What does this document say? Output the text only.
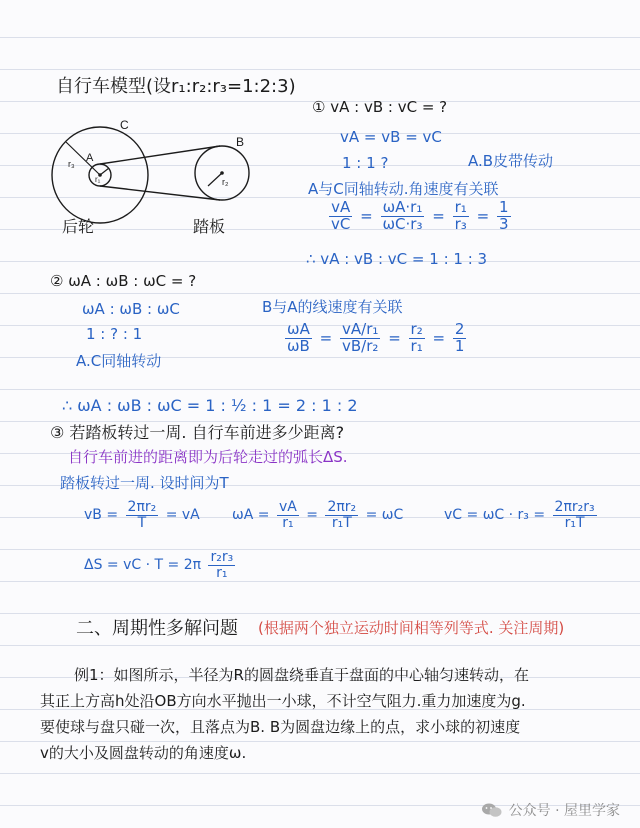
自行车模型(设r₁:r₂:r₃=1:2:3)
C
A
B
r₃
r₁	r₂
后轮	踏板
① vA : vB : vC = ?
vA = vB = vC
1 : 1 ?	A.B皮带传动
A与C同轴转动.角速度有关联
$\frac{vA}{vC} = \frac{\text{ωA·r₁}}{\text{ωC·r₃}} = \frac{\text{r₁}}{\text{r₃}} = \frac{1}{3}$
∴ vA : vB : vC = 1 : 1 : 3
② ωA : ωB : ωC = ?
ωA : ωB : ωC
1 : ? : 1
A.C同轴转动
B与A的线速度有关联
$\frac{\omega A}{\omega B} = \frac{\text{vA/r₁}}{\text{vB/r₂}} = \frac{\text{r₂}}{\text{r₁}} = \frac{2}{1}$
∴ ωA : ωB : ωC = 1 : ½ : 1 = 2 : 1 : 2
③ 若踏板转过一周. 自行车前进多少距离?
自行车前进的距离即为后轮走过的弧长ΔS.
踏板转过一周. 设时间为T
vB = $\frac{\text{2πr₂}}{T}$ = vA $\omega A = \frac{vA}{\text{r₁}} = \frac{\text{2πr₂}}{\text{r₁T}} = \omega C$	vC = $\omega C \cdot r_3 = \frac{\text{2πr₂r₃}}{\text{r₁T}}$
ΔS = vC · $T = 2\pi \frac{\text{r₂r₃}}{\text{r₁}}$
二、周期性多解问题 (根据两个独立运动时间相等列等式. 关注周期)
例1：如图所示，半径为R的圆盘绕垂直于盘面的中心轴匀速转动，在
其正上方高h处沿OB方向水平抛出一小球，不计空气阻力.重力加速度为g.
要使球与盘只碰一次，且落点为B. B为圆盘边缘上的点，求小球的初速度
v的大小及圆盘转动的角速度ω.
公众号 · 屋里学家
